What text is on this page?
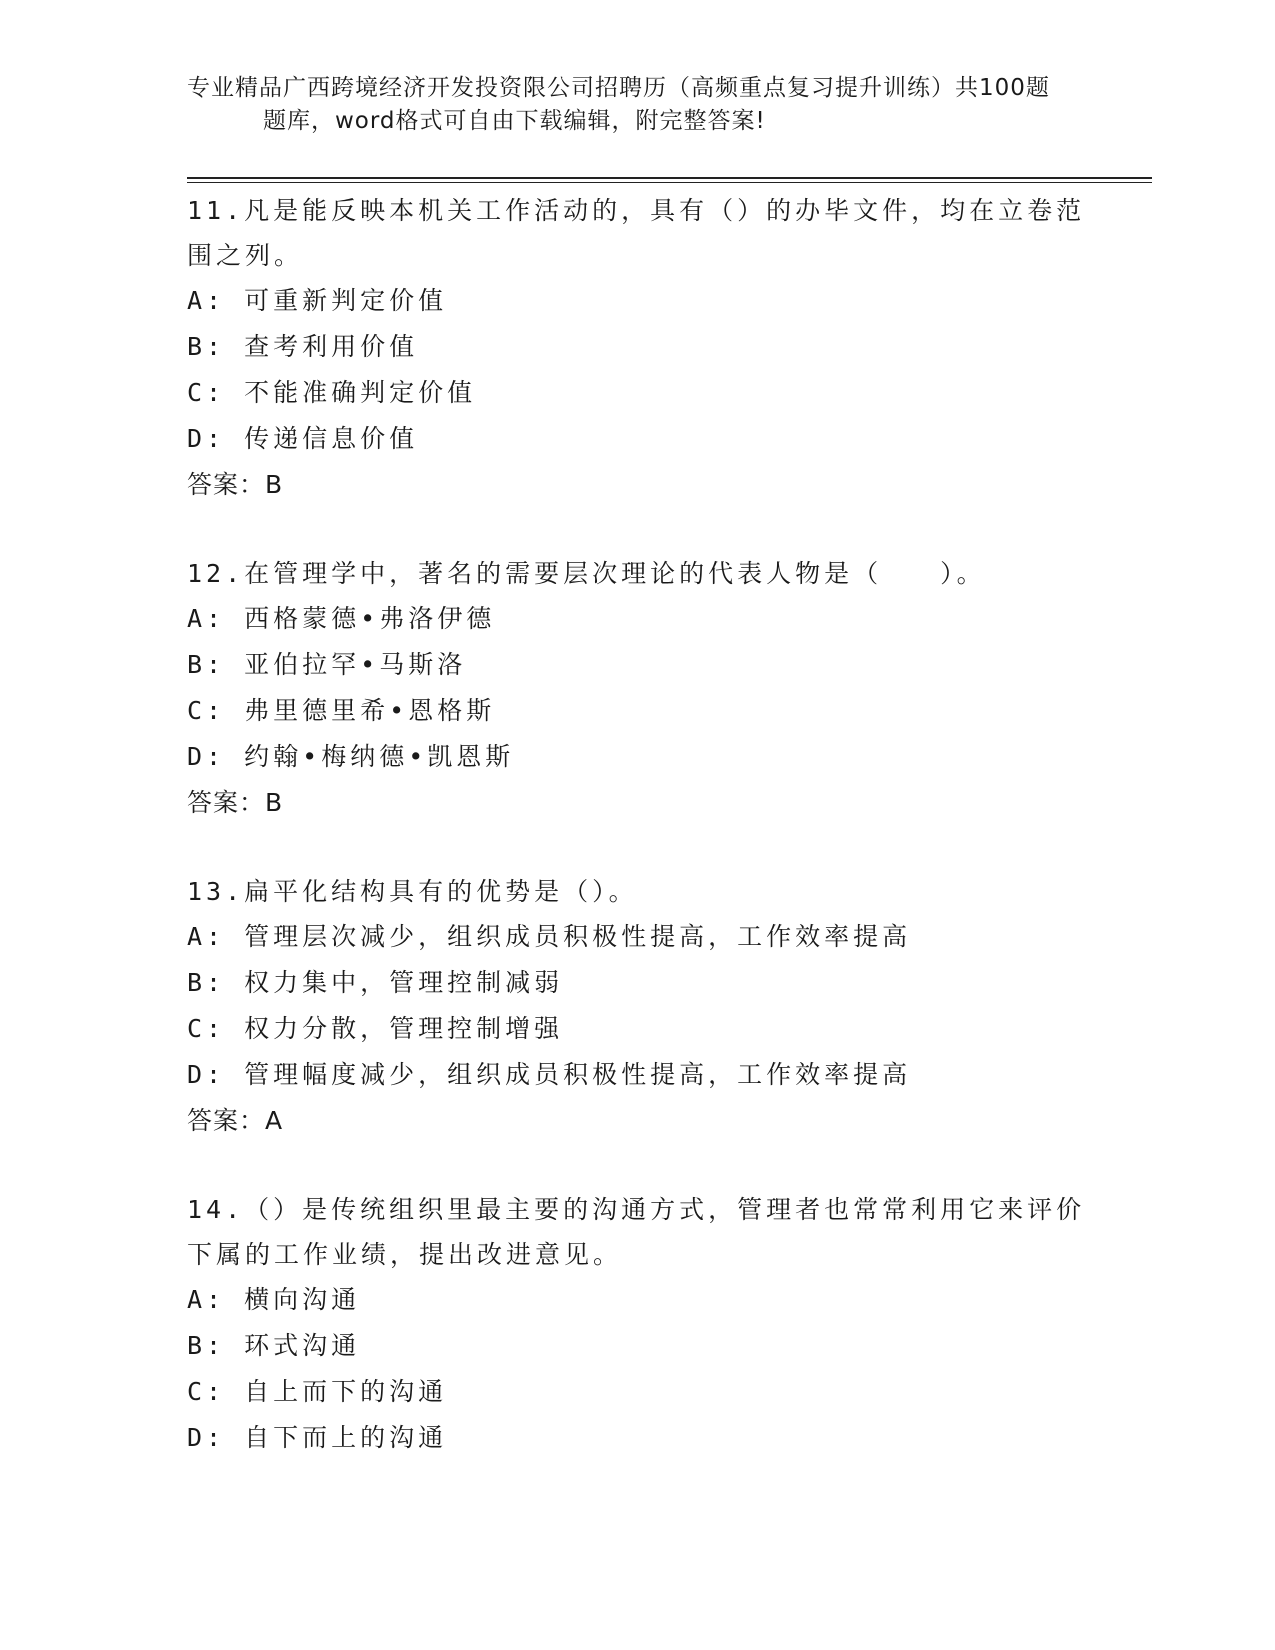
专业精品广西跨境经济开发投资限公司招聘历（高频重点复习提升训练）共100题
题库，word格式可自由下载编辑，附完整答案!
11.凡是能反映本机关工作活动的，具有（）的办毕文件，均在立卷范围之列。
A: 可重新判定价值
B: 查考利用价值
C: 不能准确判定价值
D: 传递信息价值
答案：B
12.在管理学中，著名的需要层次理论的代表人物是（　　）。
A: 西格蒙德•弗洛伊德
B: 亚伯拉罕•马斯洛
C: 弗里德里希•恩格斯
D: 约翰•梅纳德•凯恩斯
答案：B
13.扁平化结构具有的优势是（）。
A: 管理层次减少，组织成员积极性提高，工作效率提高
B: 权力集中，管理控制减弱
C: 权力分散，管理控制增强
D: 管理幅度减少，组织成员积极性提高，工作效率提高
答案：A
14.（）是传统组织里最主要的沟通方式，管理者也常常利用它来评价下属的工作业绩，提出改进意见。
A: 横向沟通
B: 环式沟通
C: 自上而下的沟通
D: 自下而上的沟通
